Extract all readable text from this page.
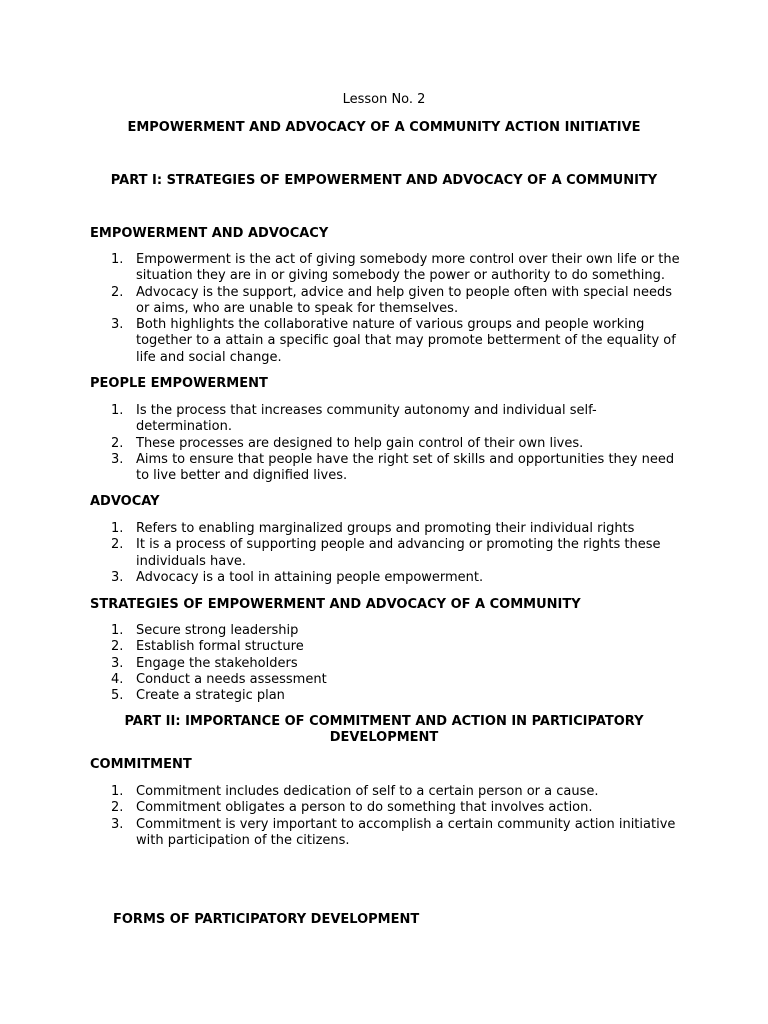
Lesson No. 2

EMPOWERMENT AND ADVOCACY OF A COMMUNITY ACTION INITIATIVE

PART I: STRATEGIES OF EMPOWERMENT AND ADVOCACY OF A COMMUNITY

EMPOWERMENT AND ADVOCACY

Empowerment is the act of giving somebody more control over their own life or the situation they are in or giving somebody the power or authority to do something.
Advocacy is the support, advice and help given to people often with special needs or aims, who are unable to speak for themselves.
Both highlights the collaborative nature of various groups and people working together to a attain a specific goal that may promote betterment of the equality of life and social change.

PEOPLE EMPOWERMENT

Is the process that increases community autonomy and individual self-determination.
These processes are designed to help gain control of their own lives.
Aims to ensure that people have the right set of skills and opportunities they need to live better and dignified lives.

ADVOCAY

Refers to enabling marginalized groups and promoting their individual rights
It is a process of supporting people and advancing or promoting the rights these individuals have.
Advocacy is a tool in attaining people empowerment.

STRATEGIES OF EMPOWERMENT AND ADVOCACY OF A COMMUNITY

Secure strong leadership
Establish formal structure
Engage the stakeholders
Conduct a needs assessment
Create a strategic plan

PART II: IMPORTANCE OF COMMITMENT AND ACTION IN PARTICIPATORY DEVELOPMENT

COMMITMENT

Commitment includes dedication of self to a certain person or a cause.
Commitment obligates a person to do something that involves action.
Commitment is very important to accomplish a certain community action initiative with participation of the citizens.

FORMS OF PARTICIPATORY DEVELOPMENT
